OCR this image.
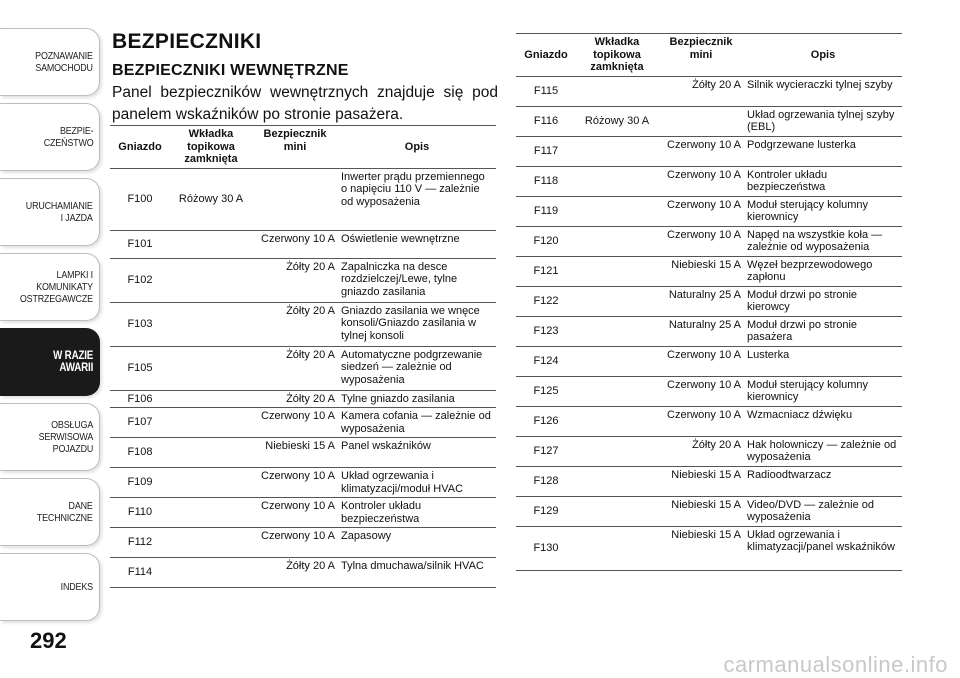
POZNAWANIE
SAMOCHODU
BEZPIE-
CZEŃSTWO
URUCHAMIANIE
I JAZDA
LAMPKI I
KOMUNIKATY
OSTRZEGAWCZE
W RAZIE
AWARII
OBSŁUGA
SERWISOWA
POJAZDU
DANE
TECHNICZNE
INDEKS
292
BEZPIECZNIKI
BEZPIECZNIKI WEWNĘTRZNE
Panel bezpieczników wewnętrznych znajduje się pod panelem wskaźników po stronie pasażera.
Gniazdo	Wkładka topikowa zamknięta	Bezpiecznik mini	Opis
F100	Różowy 30 A		Inwerter prądu przemiennego o napięciu 110 V — zależnie od wyposażenia
F101		Czerwony 10 A	Oświetlenie wewnętrzne
F102		Żółty 20 A	Zapalniczka na desce rozdzielczej/Lewe, tylne gniazdo zasilania
F103		Żółty 20 A	Gniazdo zasilania we wnęce konsoli/Gniazdo zasilania w tylnej konsoli
F105		Żółty 20 A	Automatyczne podgrzewanie siedzeń — zależnie od wyposażenia
F106		Żółty 20 A	Tylne gniazdo zasilania
F107		Czerwony 10 A	Kamera cofania — zależnie od wyposażenia
F108		Niebieski 15 A	Panel wskaźników
F109		Czerwony 10 A	Układ ogrzewania i klimatyzacji/moduł HVAC
F110		Czerwony 10 A	Kontroler układu bezpieczeństwa
F112		Czerwony 10 A	Zapasowy
F114		Żółty 20 A	Tylna dmuchawa/silnik HVAC
Gniazdo	Wkładka topikowa zamknięta	Bezpiecznik mini	Opis
F115		Żółty 20 A	Silnik wycieraczki tylnej szyby
F116	Różowy 30 A		Układ ogrzewania tylnej szyby (EBL)
F117		Czerwony 10 A	Podgrzewane lusterka
F118		Czerwony 10 A	Kontroler układu bezpieczeństwa
F119		Czerwony 10 A	Moduł sterujący kolumny kierownicy
F120		Czerwony 10 A	Napęd na wszystkie koła — zależnie od wyposażenia
F121		Niebieski 15 A	Węzeł bezprzewodowego zapłonu
F122		Naturalny 25 A	Moduł drzwi po stronie kierowcy
F123		Naturalny 25 A	Moduł drzwi po stronie pasażera
F124		Czerwony 10 A	Lusterka
F125		Czerwony 10 A	Moduł sterujący kolumny kierownicy
F126		Czerwony 10 A	Wzmacniacz dźwięku
F127		Żółty 20 A	Hak holowniczy — zależnie od wyposażenia
F128		Niebieski 15 A	Radioodtwarzacz
F129		Niebieski 15 A	Video/DVD — zależnie od wyposażenia
F130		Niebieski 15 A	Układ ogrzewania i klimatyzacji/panel wskaźników
carmanualsonline.info
